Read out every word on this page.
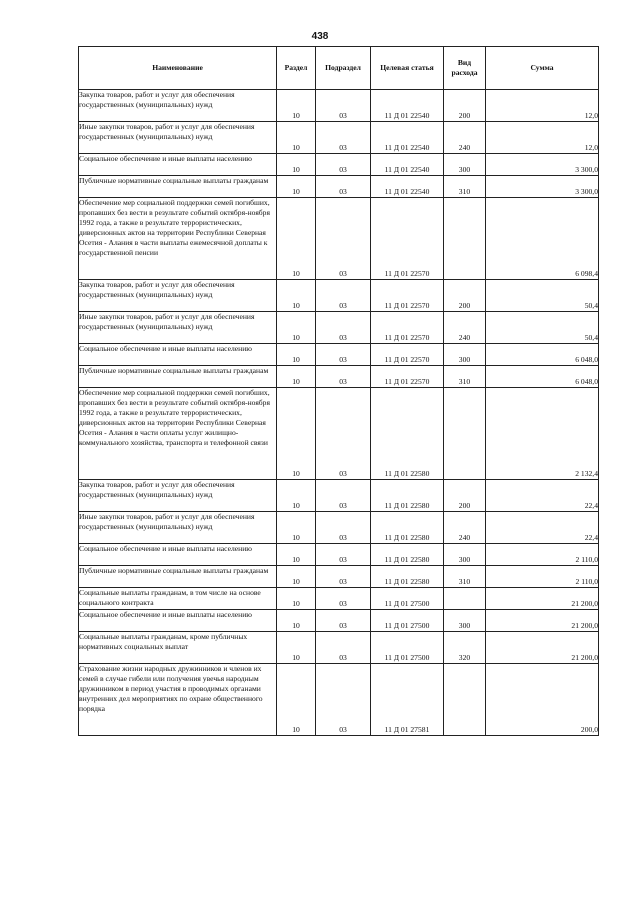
438
Наименование	Раздел	Подраздел	Целевая статья	Вид расхода	Сумма

Закупка товаров, работ и услуг для обеспечения государственных (муниципальных) нужд	10	03	11 Д 01 22540	200	12,0

Иные закупки товаров, работ и услуг для обеспечения государственных (муниципальных) нужд	10	03	11 Д 01 22540	240	12,0

Социальное обеспечение и иные выплаты населению	10	03	11 Д 01 22540	300	3 300,0

Публичные нормативные социальные выплаты гражданам	10	03	11 Д 01 22540	310	3 300,0

Обеспечение мер социальной поддержки семей погибших, пропавших без вести в результате событий октября-ноября 1992 года, а также в результате террористических, диверсионных актов на территории Республики Северная Осетия - Алания в части выплаты ежемесячной доплаты к государственной пенсии	10	03	11 Д 01 22570		6 098,4

Закупка товаров, работ и услуг для обеспечения государственных (муниципальных) нужд	10	03	11 Д 01 22570	200	50,4

Иные закупки товаров, работ и услуг для обеспечения государственных (муниципальных) нужд	10	03	11 Д 01 22570	240	50,4

Социальное обеспечение и иные выплаты населению	10	03	11 Д 01 22570	300	6 048,0

Публичные нормативные социальные выплаты гражданам	10	03	11 Д 01 22570	310	6 048,0

Обеспечение мер социальной поддержки семей погибших, пропавших без вести в результате событий октября-ноября 1992 года, а также в результате террористических, диверсионных актов на территории Республики Северная Осетия - Алания в части оплаты услуг жилищно-коммунального хозяйства, транспорта и телефонной связи	10	03	11 Д 01 22580		2 132,4

Закупка товаров, работ и услуг для обеспечения государственных (муниципальных) нужд	10	03	11 Д 01 22580	200	22,4

Иные закупки товаров, работ и услуг для обеспечения государственных (муниципальных) нужд	10	03	11 Д 01 22580	240	22,4

Социальное обеспечение и иные выплаты населению	10	03	11 Д 01 22580	300	2 110,0

Публичные нормативные социальные выплаты гражданам	10	03	11 Д 01 22580	310	2 110,0

Социальные выплаты гражданам, в том числе на основе социального контракта	10	03	11 Д 01 27500		21 200,0

Социальное обеспечение и иные выплаты населению	10	03	11 Д 01 27500	300	21 200,0

Социальные выплаты гражданам, кроме публичных нормативных социальных выплат	10	03	11 Д 01 27500	320	21 200,0

Страхование жизни народных дружинников и членов их семей в случае гибели или получения увечья народным дружинником в период участия в проводимых органами внутренних дел мероприятиях по охране общественного порядка	10	03	11 Д 01 27581		200,0
